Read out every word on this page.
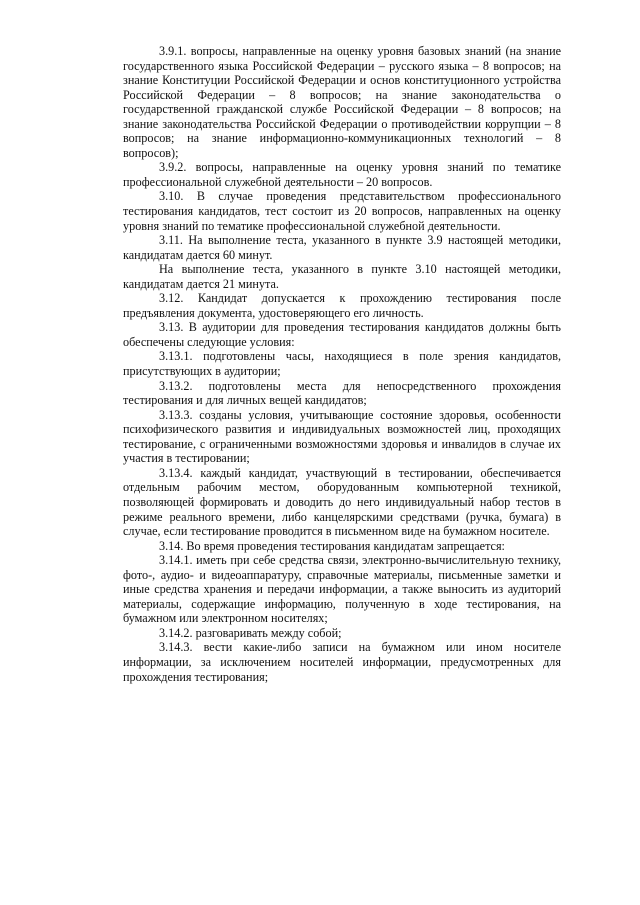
3.9.1. вопросы, направленные на оценку уровня базовых знаний (на знание государственного языка Российской Федерации – русского языка – 8 вопросов; на знание Конституции Российской Федерации и основ конституционного устройства Российской Федерации – 8 вопросов; на знание законодательства о государственной гражданской службе Российской Федерации – 8 вопросов; на знание законодательства Российской Федерации о противодействии коррупции – 8 вопросов; на знание информационно-коммуникационных технологий – 8 вопросов);

3.9.2. вопросы, направленные на оценку уровня знаний по тематике профессиональной служебной деятельности – 20 вопросов.

3.10. В случае проведения представительством профессионального тестирования кандидатов, тест состоит из 20 вопросов, направленных на оценку уровня знаний по тематике профессиональной служебной деятельности.

3.11. На выполнение теста, указанного в пункте 3.9 настоящей методики, кандидатам дается 60 минут.

На выполнение теста, указанного в пункте 3.10 настоящей методики, кандидатам дается 21 минута.

3.12. Кандидат допускается к прохождению тестирования после предъявления документа, удостоверяющего его личность.

3.13. В аудитории для проведения тестирования кандидатов должны быть обеспечены следующие условия:

3.13.1. подготовлены часы, находящиеся в поле зрения кандидатов, присутствующих в аудитории;

3.13.2. подготовлены места для непосредственного прохождения тестирования и для личных вещей кандидатов;

3.13.3. созданы условия, учитывающие состояние здоровья, особенности психофизического развития и индивидуальных возможностей лиц, проходящих тестирование, с ограниченными возможностями здоровья и инвалидов в случае их участия в тестировании;

3.13.4. каждый кандидат, участвующий в тестировании, обеспечивается отдельным рабочим местом, оборудованным компьютерной техникой, позволяющей формировать и доводить до него индивидуальный набор тестов в режиме реального времени, либо канцелярскими средствами (ручка, бумага) в случае, если тестирование проводится в письменном виде на бумажном носителе.

3.14. Во время проведения тестирования кандидатам запрещается:

3.14.1. иметь при себе средства связи, электронно-вычислительную технику, фото-, аудио- и видеоаппаратуру, справочные материалы, письменные заметки и иные средства хранения и передачи информации, а также выносить из аудиторий материалы, содержащие информацию, полученную в ходе тестирования, на бумажном или электронном носителях;

3.14.2. разговаривать между собой;

3.14.3. вести какие-либо записи на бумажном или ином носителе информации, за исключением носителей информации, предусмотренных для прохождения тестирования;
